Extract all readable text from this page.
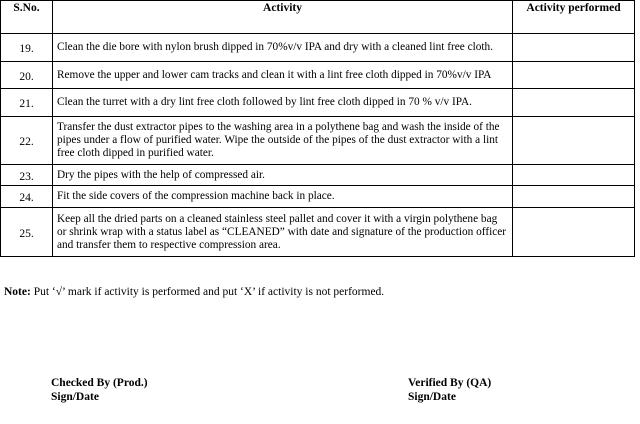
S.No.	Activity	Activity performed
19.	Clean the die bore with nylon brush dipped in 70%v/v IPA and dry with a cleaned lint free cloth.	
20.	Remove the upper and lower cam tracks and clean it with a lint free cloth dipped in 70%v/v IPA	
21.	Clean the turret with a dry lint free cloth followed by lint free cloth dipped in 70 % v/v IPA.	
22.	Transfer the dust extractor pipes to the washing area in a polythene bag and wash the inside of the pipes under a flow of purified water. Wipe the outside of the pipes of the dust extractor with a lint free cloth dipped in purified water.	
23.	Dry the pipes with the help of compressed air.	
24.	Fit the side covers of the compression machine back in place.	
25.	Keep all the dried parts on a cleaned stainless steel pallet and cover it with a virgin polythene bag or shrink wrap with a status label as “CLEANED” with date and signature of the production officer and transfer them to respective compression area.	
Note: Put ‘√’ mark if activity is performed and put ‘X’ if activity is not performed.
Checked By (Prod.)
Sign/Date
Verified By (QA)
Sign/Date
